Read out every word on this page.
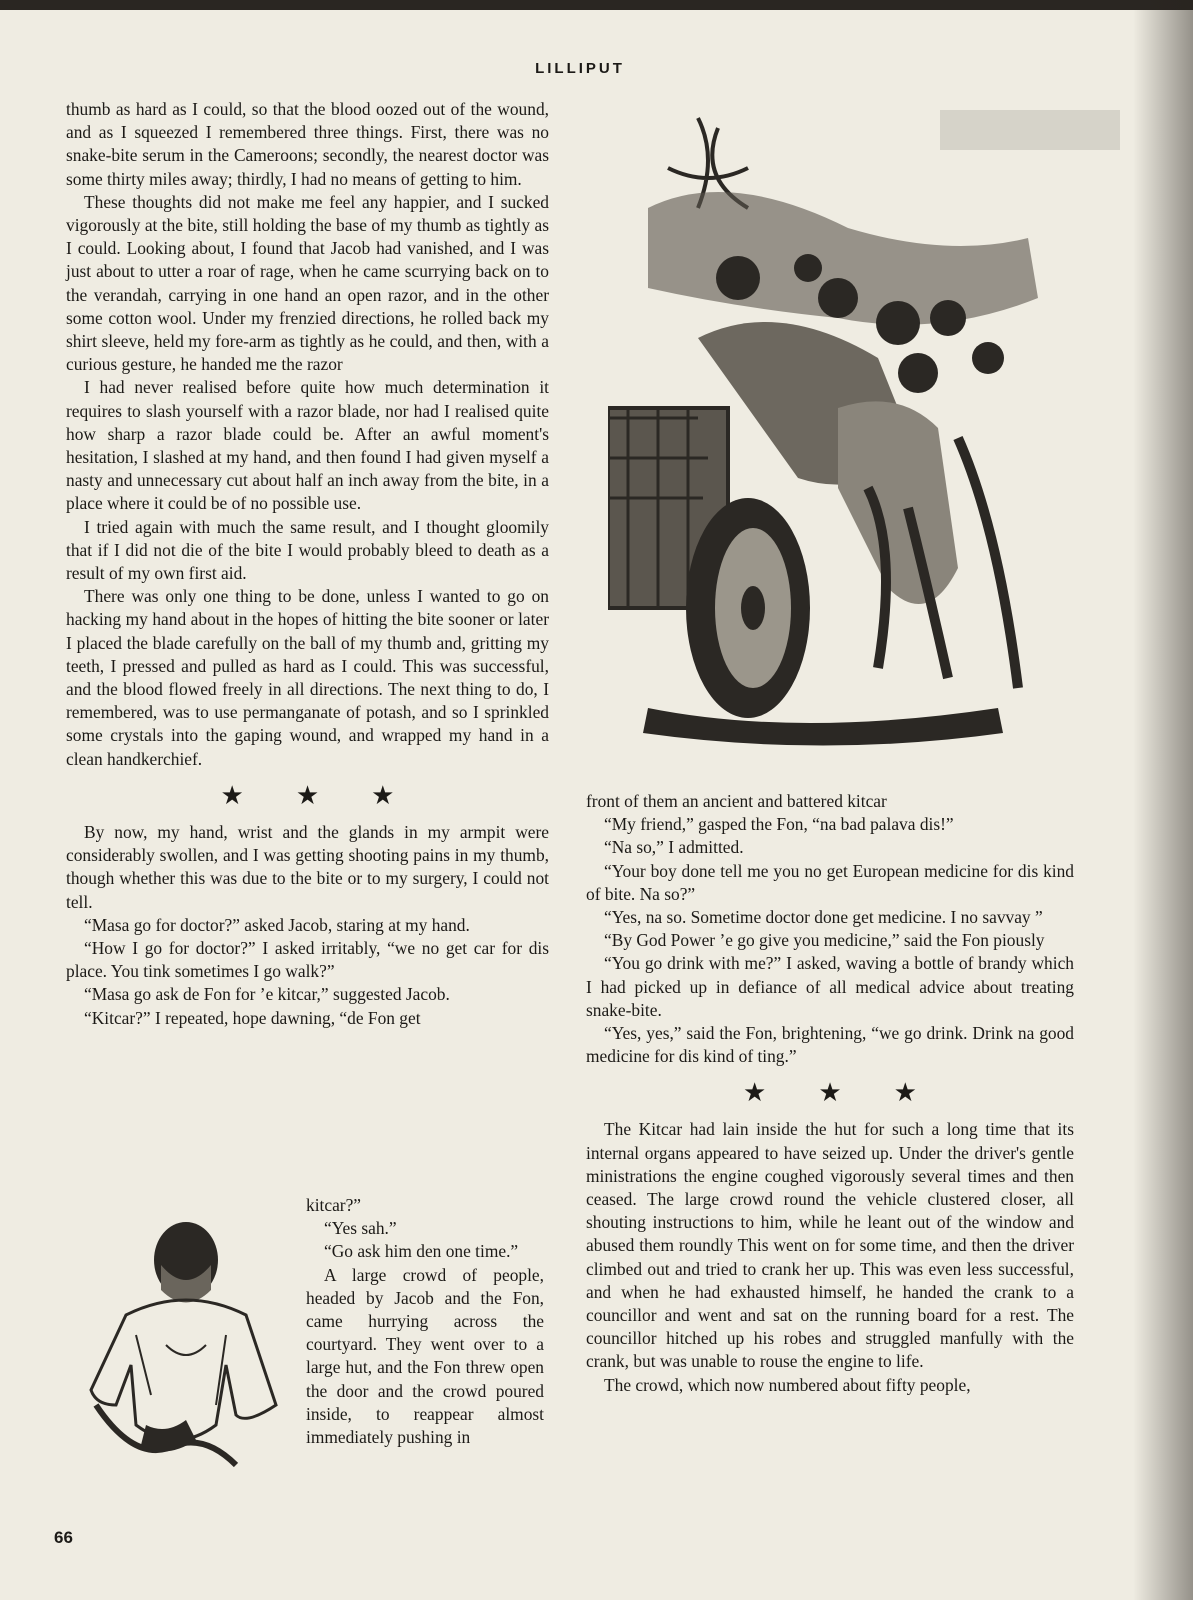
LILLIPUT

thumb as hard as I could, so that the blood oozed out of the wound, and as I squeezed I remembered three things. First, there was no snake-bite serum in the Cameroons; secondly, the nearest doctor was some thirty miles away; thirdly, I had no means of getting to him.

These thoughts did not make me feel any happier, and I sucked vigorously at the bite, still holding the base of my thumb as tightly as I could. Looking about, I found that Jacob had vanished, and I was just about to utter a roar of rage, when he came scurrying back on to the verandah, carrying in one hand an open razor, and in the other some cotton wool. Under my frenzied directions, he rolled back my shirt sleeve, held my fore-arm as tightly as he could, and then, with a curious gesture, he handed me the razor

I had never realised before quite how much determination it requires to slash yourself with a razor blade, nor had I realised quite how sharp a razor blade could be. After an awful moment's hesitation, I slashed at my hand, and then found I had given myself a nasty and unnecessary cut about half an inch away from the bite, in a place where it could be of no possible use.

I tried again with much the same result, and I thought gloomily that if I did not die of the bite I would probably bleed to death as a result of my own first aid.

There was only one thing to be done, unless I wanted to go on hacking my hand about in the hopes of hitting the bite sooner or later I placed the blade carefully on the ball of my thumb and, gritting my teeth, I pressed and pulled as hard as I could. This was successful, and the blood flowed freely in all directions. The next thing to do, I remembered, was to use permanganate of potash, and so I sprinkled some crystals into the gaping wound, and wrapped my hand in a clean handkerchief.

★★★

By now, my hand, wrist and the glands in my armpit were considerably swollen, and I was getting shooting pains in my thumb, though whether this was due to the bite or to my surgery, I could not tell.

“Masa go for doctor?” asked Jacob, staring at my hand.

“How I go for doctor?” I asked irritably, “we no get car for dis place. You tink sometimes I go walk?”

“Masa go ask de Fon for ’e kitcar,” suggested Jacob.

“Kitcar?” I repeated, hope dawning, “de Fon get

kitcar?”

“Yes sah.”

“Go ask him den one time.”

A large crowd of people, headed by Jacob and the Fon, came hurrying across the courtyard. They went over to a large hut, and the Fon threw open the door and the crowd poured inside, to reappear almost immediately pushing in

front of them an ancient and battered kitcar

“My friend,” gasped the Fon, “na bad palava dis!”

“Na so,” I admitted.

“Your boy done tell me you no get European medicine for dis kind of bite. Na so?”

“Yes, na so. Sometime doctor done get medicine. I no savvay ”

“By God Power ’e go give you medicine,” said the Fon piously

“You go drink with me?” I asked, waving a bottle of brandy which I had picked up in defiance of all medical advice about treating snake-bite.

“Yes, yes,” said the Fon, brightening, “we go drink. Drink na good medicine for dis kind of ting.”

★★★

The Kitcar had lain inside the hut for such a long time that its internal organs appeared to have seized up. Under the driver's gentle ministrations the engine coughed vigorously several times and then ceased. The large crowd round the vehicle clustered closer, all shouting instructions to him, while he leant out of the window and abused them roundly This went on for some time, and then the driver climbed out and tried to crank her up. This was even less successful, and when he had exhausted himself, he handed the crank to a councillor and went and sat on the running board for a rest. The councillor hitched up his robes and struggled manfully with the crank, but was unable to rouse the engine to life.

The crowd, which now numbered about fifty people,

66
